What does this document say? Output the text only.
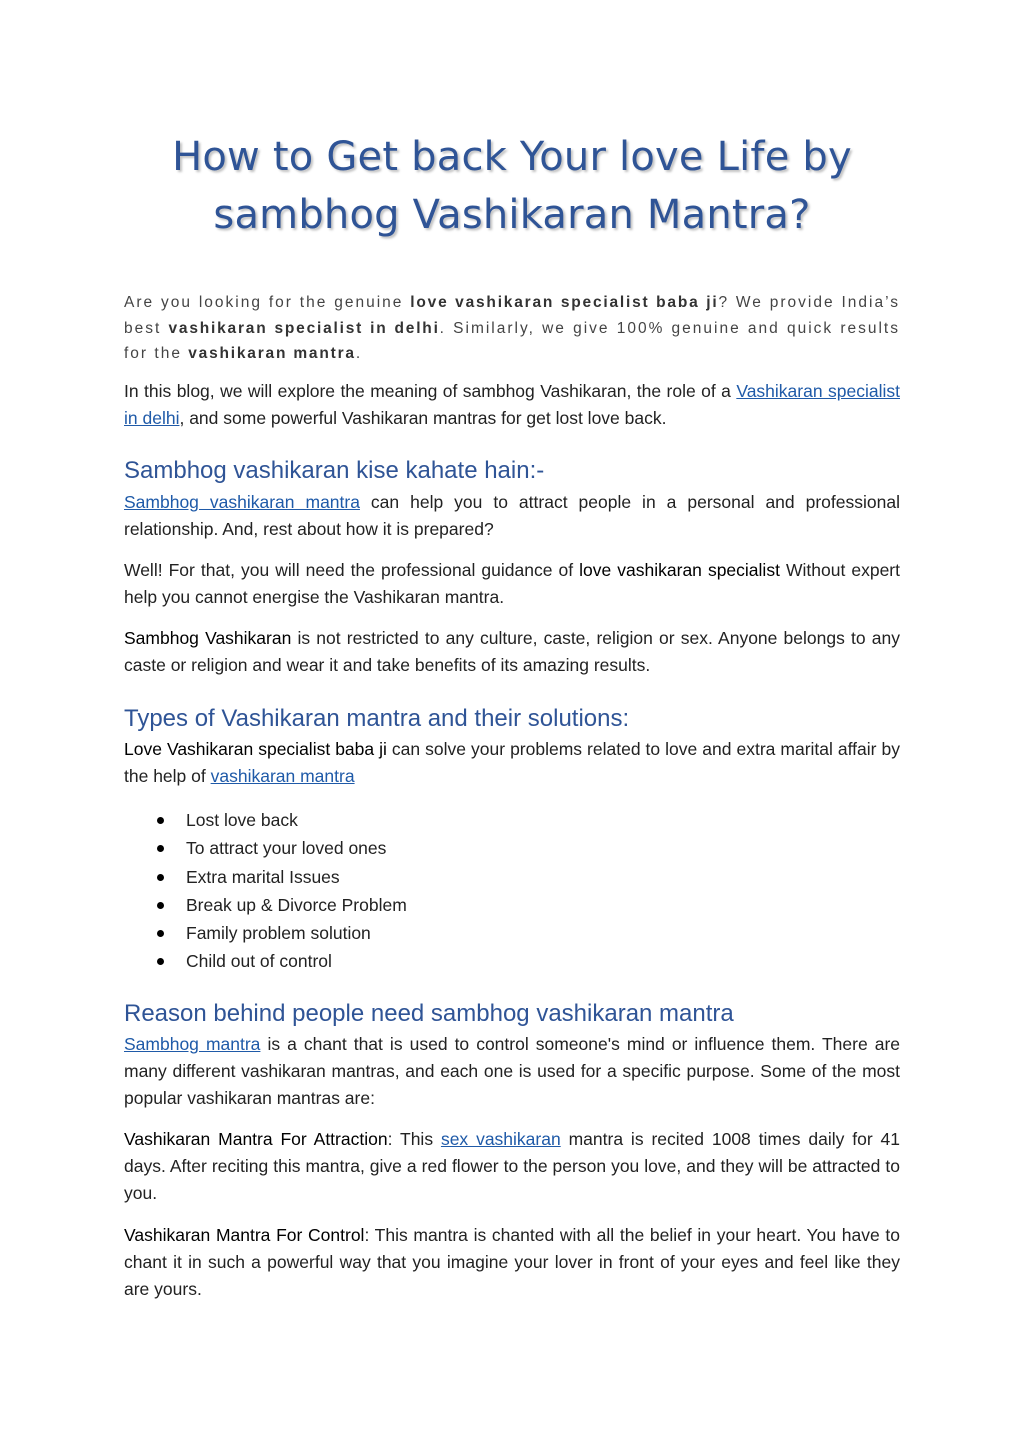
How to Get back Your love Life by sambhog Vashikaran Mantra?

Are you looking for the genuine love vashikaran specialist baba ji? We provide India’s best vashikaran specialist in delhi. Similarly, we give 100% genuine and quick results for the vashikaran mantra.

In this blog, we will explore the meaning of sambhog Vashikaran, the role of a Vashikaran specialist in delhi, and some powerful Vashikaran mantras for get lost love back.

Sambhog vashikaran kise kahate hain:-

Sambhog vashikaran mantra can help you to attract people in a personal and professional relationship. And, rest about how it is prepared?

Well! For that, you will need the professional guidance of love vashikaran specialist Without expert help you cannot energise the Vashikaran mantra.

Sambhog Vashikaran is not restricted to any culture, caste, religion or sex. Anyone belongs to any caste or religion and wear it and take benefits of its amazing results.

Types of Vashikaran mantra and their solutions:

Love Vashikaran specialist baba ji can solve your problems related to love and extra marital affair by the help of vashikaran mantra

Lost love back
To attract your loved ones
Extra marital Issues
Break up & Divorce Problem
Family problem solution
Child out of control
Reason behind people need sambhog vashikaran mantra

Sambhog mantra is a chant that is used to control someone's mind or influence them. There are many different vashikaran mantras, and each one is used for a specific purpose. Some of the most popular vashikaran mantras are:

Vashikaran Mantra For Attraction: This sex vashikaran mantra is recited 1008 times daily for 41 days. After reciting this mantra, give a red flower to the person you love, and they will be attracted to you.

Vashikaran Mantra For Control: This mantra is chanted with all the belief in your heart. You have to chant it in such a powerful way that you imagine your lover in front of your eyes and feel like they are yours.
